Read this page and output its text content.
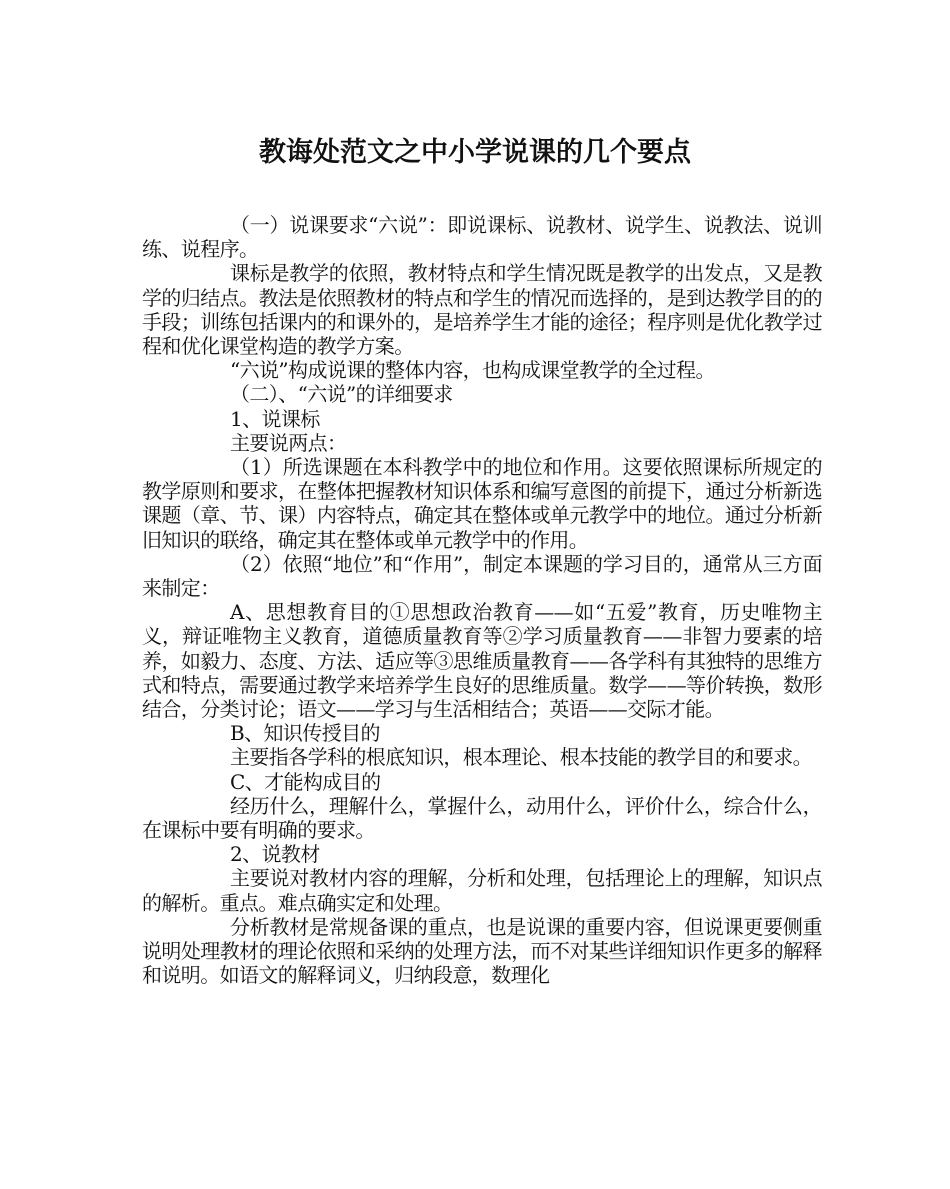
教诲处范文之中小学说课的几个要点

（一）说课要求“六说”：即说课标、说教材、说学生、说教法、说训练、说程序。

课标是教学的依照，教材特点和学生情况既是教学的出发点，又是教学的归结点。教法是依照教材的特点和学生的情况而选择的，是到达教学目的的手段；训练包括课内的和课外的，是培养学生才能的途径；程序则是优化教学过程和优化课堂构造的教学方案。

“六说”构成说课的整体内容，也构成课堂教学的全过程。

（二）、“六说”的详细要求

1、说课标

主要说两点：

（1）所选课题在本科教学中的地位和作用。这要依照课标所规定的教学原则和要求，在整体把握教材知识体系和编写意图的前提下，通过分析新选课题（章、节、课）内容特点，确定其在整体或单元教学中的地位。通过分析新旧知识的联络，确定其在整体或单元教学中的作用。

（2）依照“地位”和“作用”，制定本课题的学习目的，通常从三方面来制定：

A、思想教育目的①思想政治教育——如“五爱”教育，历史唯物主义，辩证唯物主义教育，道德质量教育等②学习质量教育——非智力要素的培养，如毅力、态度、方法、适应等③思维质量教育——各学科有其独特的思维方式和特点，需要通过教学来培养学生良好的思维质量。数学——等价转换，数形结合，分类讨论；语文——学习与生活相结合；英语——交际才能。

B、知识传授目的

主要指各学科的根底知识，根本理论、根本技能的教学目的和要求。

C、才能构成目的

经历什么，理解什么，掌握什么，动用什么，评价什么，综合什么，在课标中要有明确的要求。

2、说教材

主要说对教材内容的理解，分析和处理，包括理论上的理解，知识点的解析。重点。难点确实定和处理。

分析教材是常规备课的重点，也是说课的重要内容，但说课更要侧重说明处理教材的理论依照和采纳的处理方法，而不对某些详细知识作更多的解释和说明。如语文的解释词义，归纳段意，数理化
